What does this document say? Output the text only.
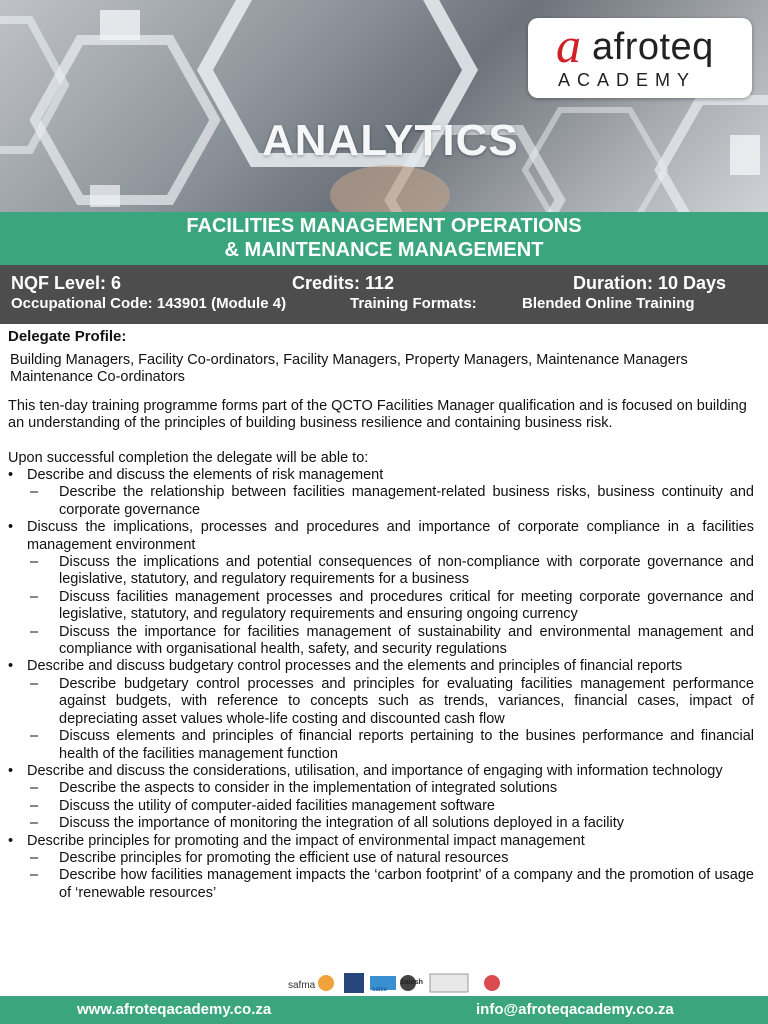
ANALYTICS
a afroteq
ACADEMY
FACILITIES MANAGEMENT OPERATIONS
& MAINTENANCE MANAGEMENT
NQF Level: 6	Credits: 112	Duration: 10 Days
Occupational Code: 143901 (Module 4)	Training Formats:	Blended Online Training
Delegate Profile:
Building Managers, Facility Co-ordinators, Facility Managers, Property Managers, Maintenance Managers Maintenance Co-ordinators
This ten-day training programme forms part of the QCTO Facilities Manager qualification and is focused on building an understanding of the principles of building business resilience and containing business risk.
Upon successful completion the delegate will be able to:
• Describe and discuss the elements of risk management
– Describe the relationship between facilities management-related business risks, business continuity and corporate governance
• Discuss the implications, processes and procedures and importance of corporate compliance in a facilities management environment
– Discuss the implications and potential consequences of non-compliance with corporate governance and legislative, statutory, and regulatory requirements for a business
– Discuss facilities management processes and procedures critical for meeting corporate governance and legislative, statutory, and regulatory requirements and ensuring ongoing currency
– Discuss the importance for facilities management of sustainability and environmental management and compliance with organisational health, safety, and security regulations
• Describe and discuss budgetary control processes and the elements and principles of financial reports
– Describe budgetary control processes and principles for evaluating facilities management performance against budgets, with reference to concepts such as trends, variances, financial cases, impact of depreciating asset values whole-life costing and discounted cash flow
– Discuss elements and principles of financial reports pertaining to the busines performance and financial health of the facilities management function
• Describe and discuss the considerations, utilisation, and importance of engaging with information technology
– Describe the aspects to consider in the implementation of integrated solutions
– Discuss the utility of computer-aided facilities management software
– Discuss the importance of monitoring the integration of all solutions deployed in a facility
• Describe principles for promoting and the impact of environmental impact management
– Describe principles for promoting the efficient use of natural resources
– Describe how facilities management impacts the ‘carbon footprint’ of a company and the promotion of usage of ‘renewable resources’
safma	saice
Saiosh
www.afroteqacademy.co.za	info@afroteqacademy.co.za
